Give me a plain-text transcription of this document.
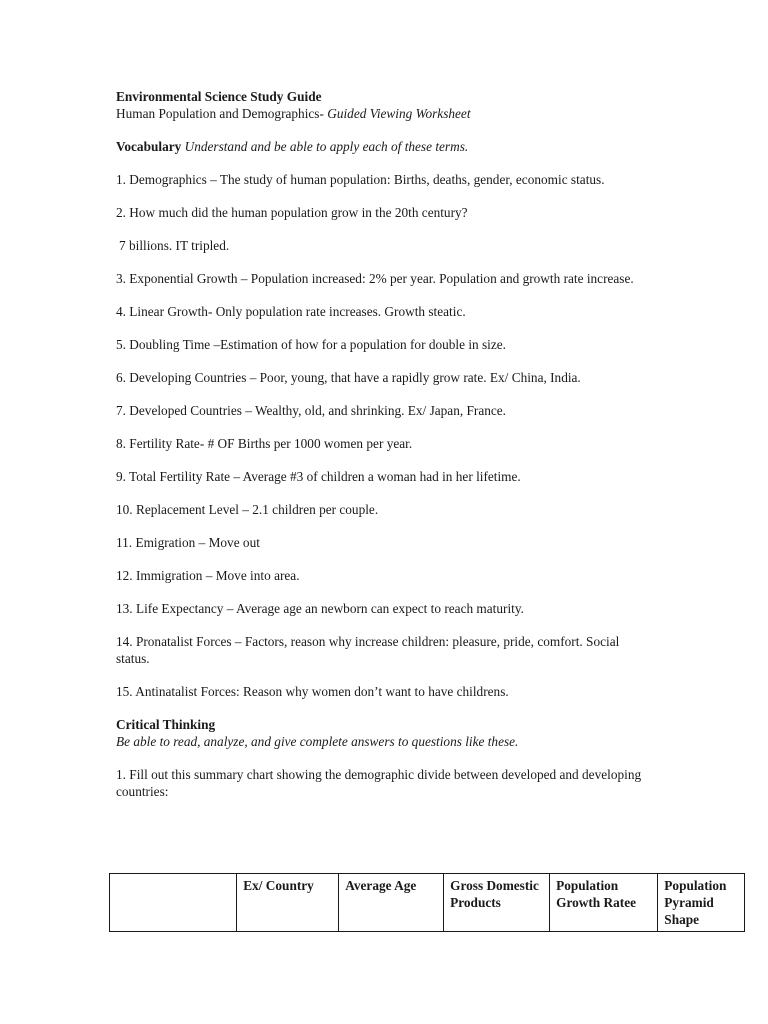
Environmental Science Study Guide

Human Population and Demographics- Guided Viewing Worksheet

Vocabulary Understand and be able to apply each of these terms.

1. Demographics – The study of human population: Births, deaths, gender, economic status.

2. How much did the human population grow in the 20th century?

7 billions. IT tripled.

3. Exponential Growth – Population increased: 2% per year. Population and growth rate increase.

4. Linear Growth- Only population rate increases. Growth steatic.

5. Doubling Time –Estimation of how for a population for double in size.

6. Developing Countries – Poor, young, that have a rapidly grow rate. Ex/ China, India.

7. Developed Countries – Wealthy, old, and shrinking. Ex/ Japan, France.

8. Fertility Rate- # OF Births per 1000 women per year.

9. Total Fertility Rate – Average #3 of children a woman had in her lifetime.

10. Replacement Level – 2.1 children per couple.

11. Emigration – Move out

12. Immigration – Move into area.

13. Life Expectancy – Average age an newborn can expect to reach maturity.

14. Pronatalist Forces – Factors, reason why increase children: pleasure, pride, comfort. Social status.

15. Antinatalist Forces: Reason why women don’t want to have childrens.

Critical Thinking

Be able to read, analyze, and give complete answers to questions like these.

1. Fill out this summary chart showing the demographic divide between developed and developing countries:

	Ex/ Country	Average Age	Gross Domestic Products	Population Growth Ratee	Population Pyramid Shape
